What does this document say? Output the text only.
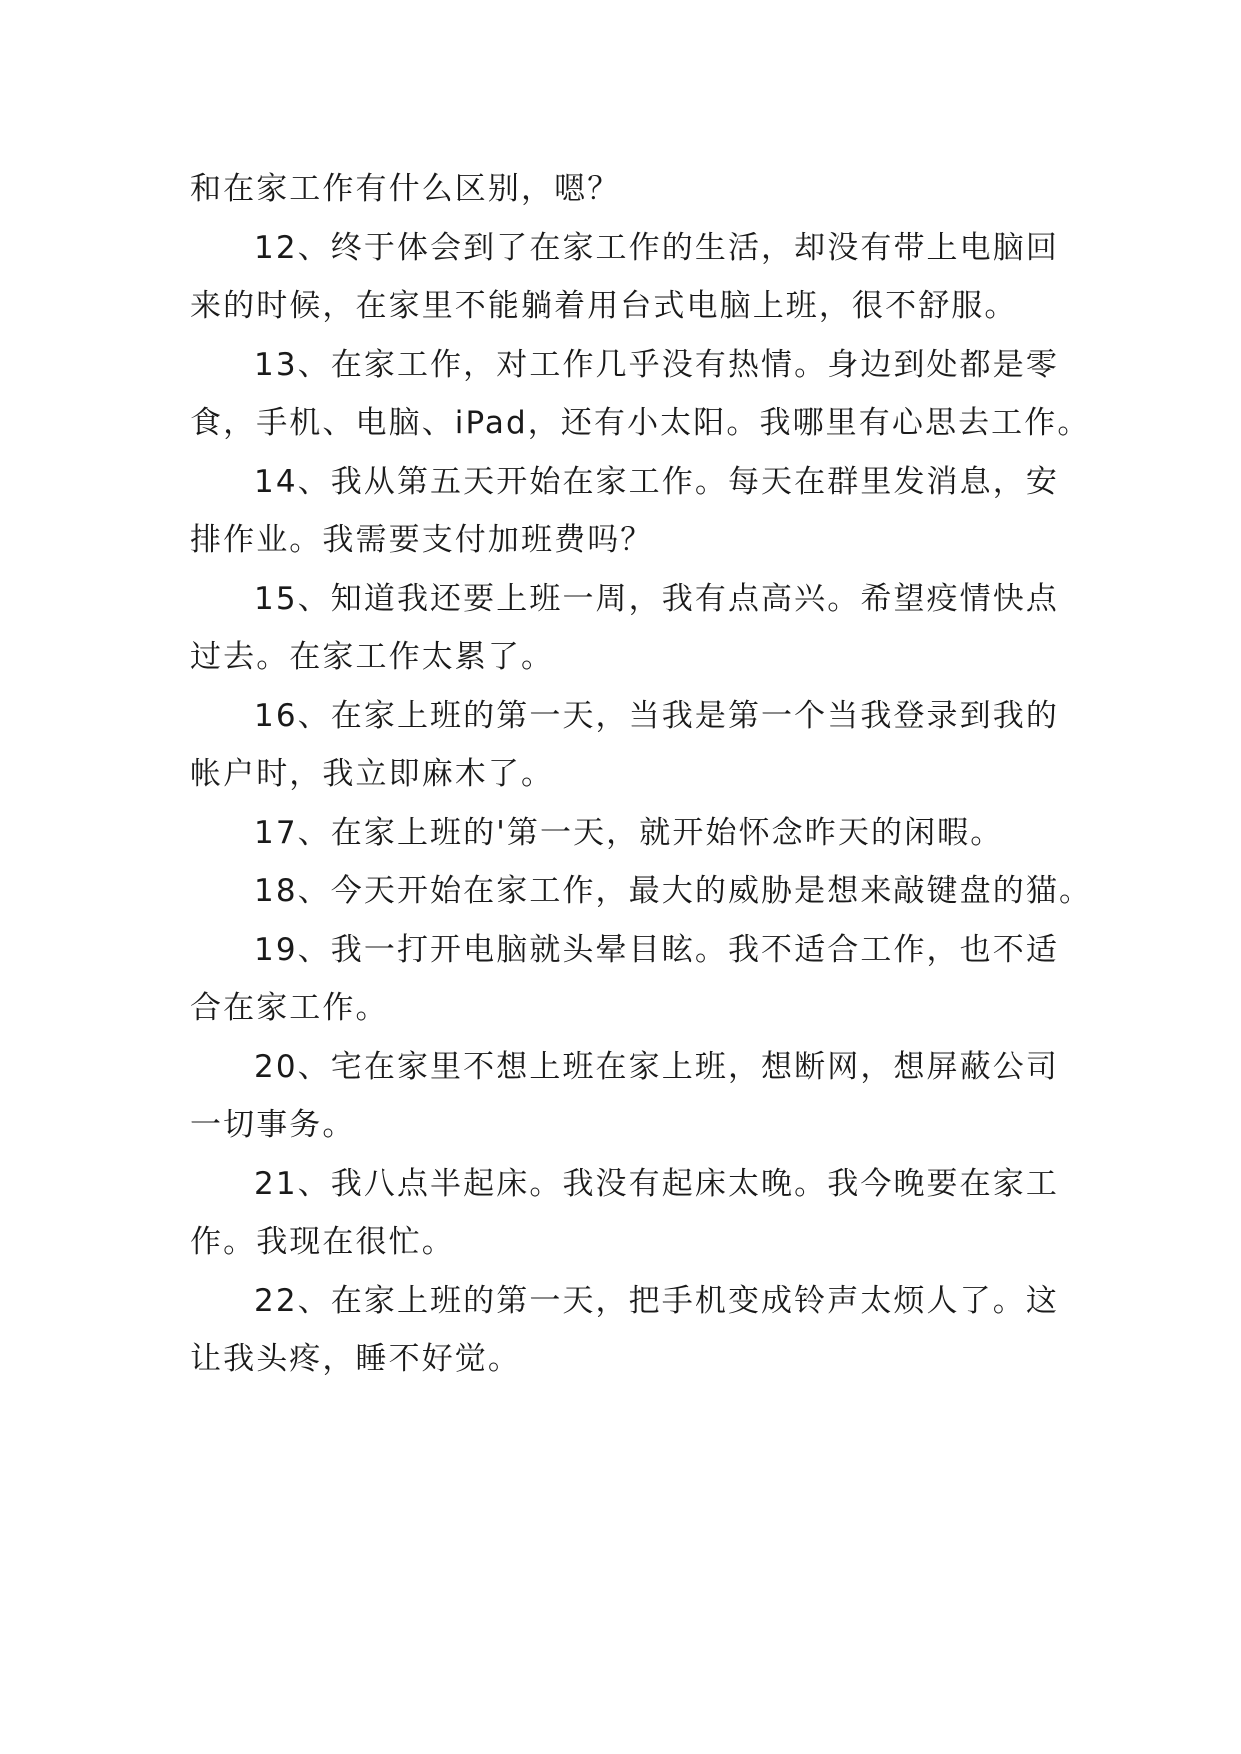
和在家工作有什么区别，嗯？
12、终于体会到了在家工作的生活，却没有带上电脑回
来的时候，在家里不能躺着用台式电脑上班，很不舒服。
13、在家工作，对工作几乎没有热情。身边到处都是零
食，手机、电脑、iPad，还有小太阳。我哪里有心思去工作。
14、我从第五天开始在家工作。每天在群里发消息，安
排作业。我需要支付加班费吗？
15、知道我还要上班一周，我有点高兴。希望疫情快点
过去。在家工作太累了。
16、在家上班的第一天，当我是第一个当我登录到我的
帐户时，我立即麻木了。
17、在家上班的'第一天，就开始怀念昨天的闲暇。
18、今天开始在家工作，最大的威胁是想来敲键盘的猫。
19、我一打开电脑就头晕目眩。我不适合工作，也不适
合在家工作。
20、宅在家里不想上班在家上班，想断网，想屏蔽公司
一切事务。
21、我八点半起床。我没有起床太晚。我今晚要在家工
作。我现在很忙。
22、在家上班的第一天，把手机变成铃声太烦人了。这
让我头疼，睡不好觉。
